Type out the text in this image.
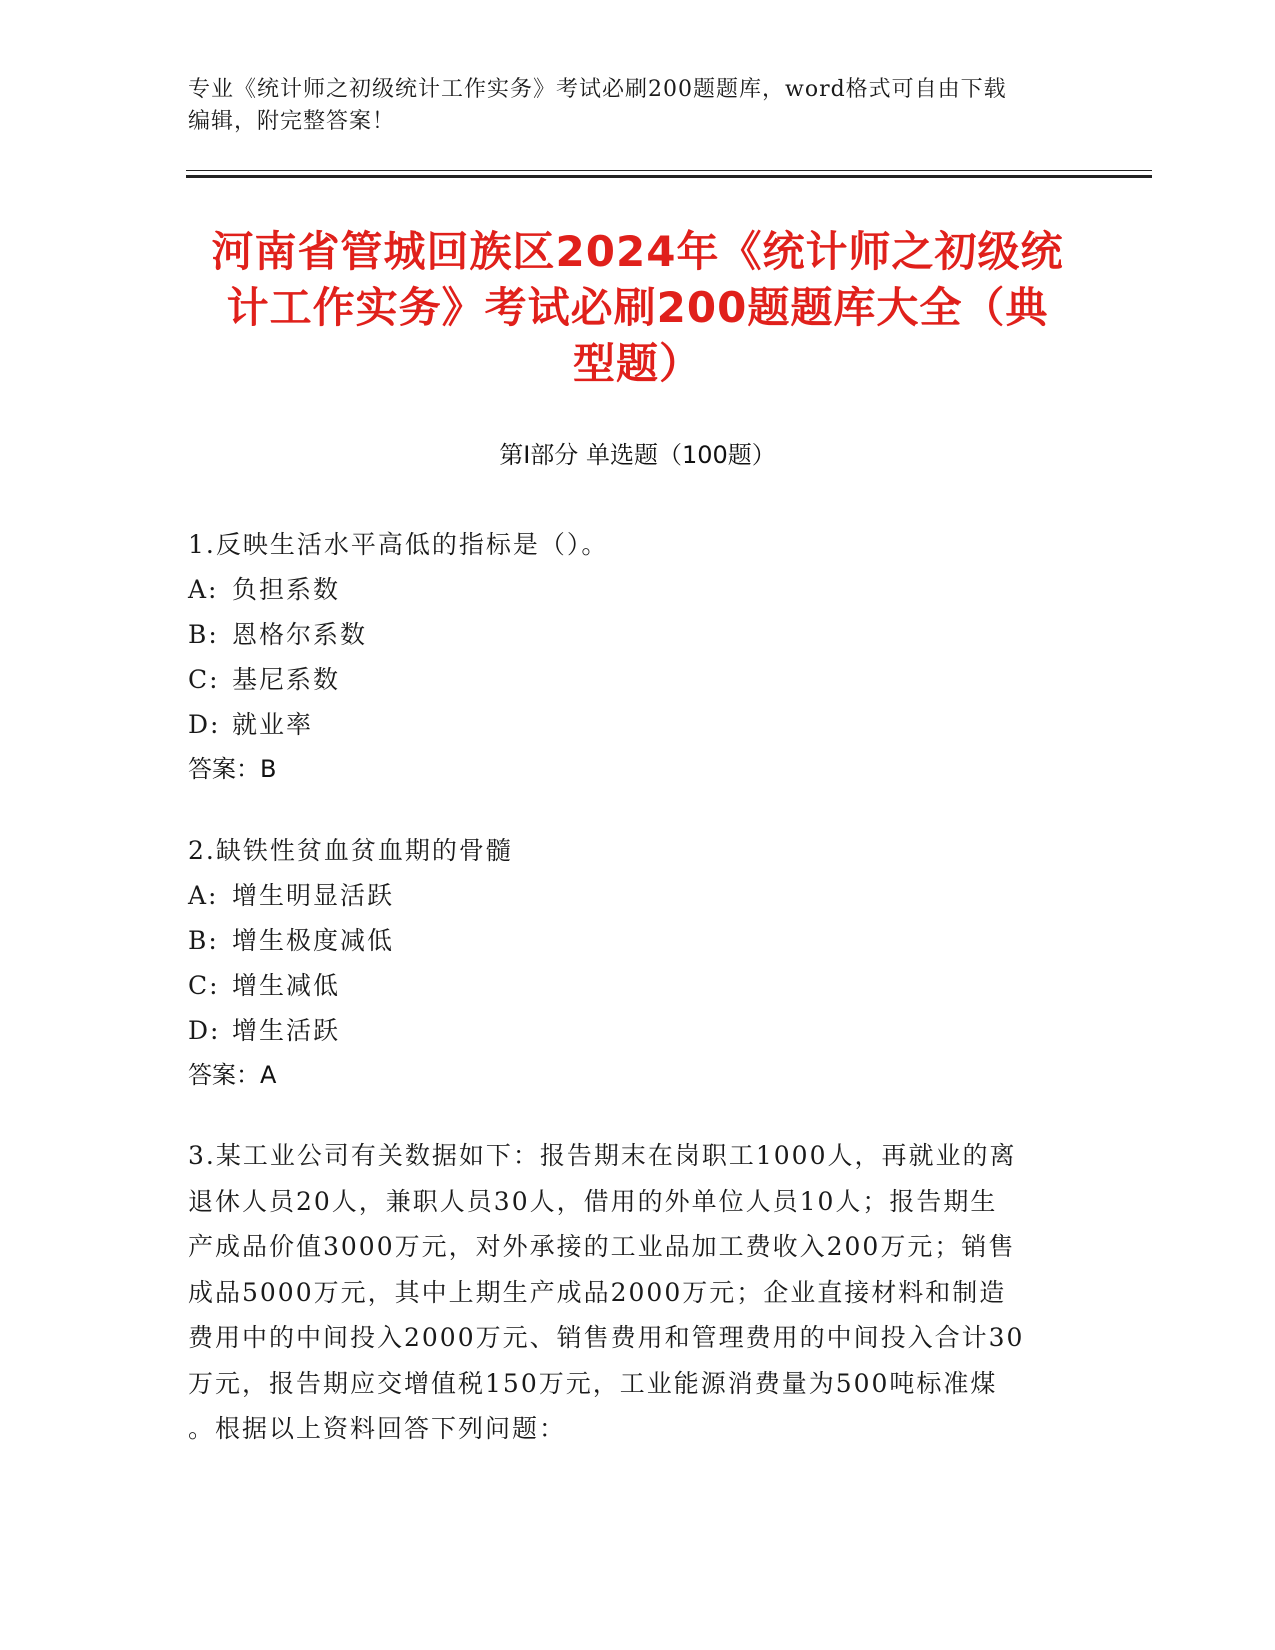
专业《统计师之初级统计工作实务》考试必刷200题题库，word格式可自由下载
编辑，附完整答案！
河南省管城回族区2024年《统计师之初级统
计工作实务》考试必刷200题题库大全（典
型题）
第Ⅰ部分 单选题（100题）
1.反映生活水平高低的指标是（）。
A: 负担系数
B: 恩格尔系数
C: 基尼系数
D: 就业率
答案：B
2.缺铁性贫血贫血期的骨髓
A: 增生明显活跃
B: 增生极度减低
C: 增生减低
D: 增生活跃
答案：A
3.某工业公司有关数据如下：报告期末在岗职工1000人，再就业的离
退休人员20人，兼职人员30人，借用的外单位人员10人；报告期生
产成品价值3000万元，对外承接的工业品加工费收入200万元；销售
成品5000万元，其中上期生产成品2000万元；企业直接材料和制造
费用中的中间投入2000万元、销售费用和管理费用的中间投入合计30
万元，报告期应交增值税150万元，工业能源消费量为500吨标准煤
。根据以上资料回答下列问题：
